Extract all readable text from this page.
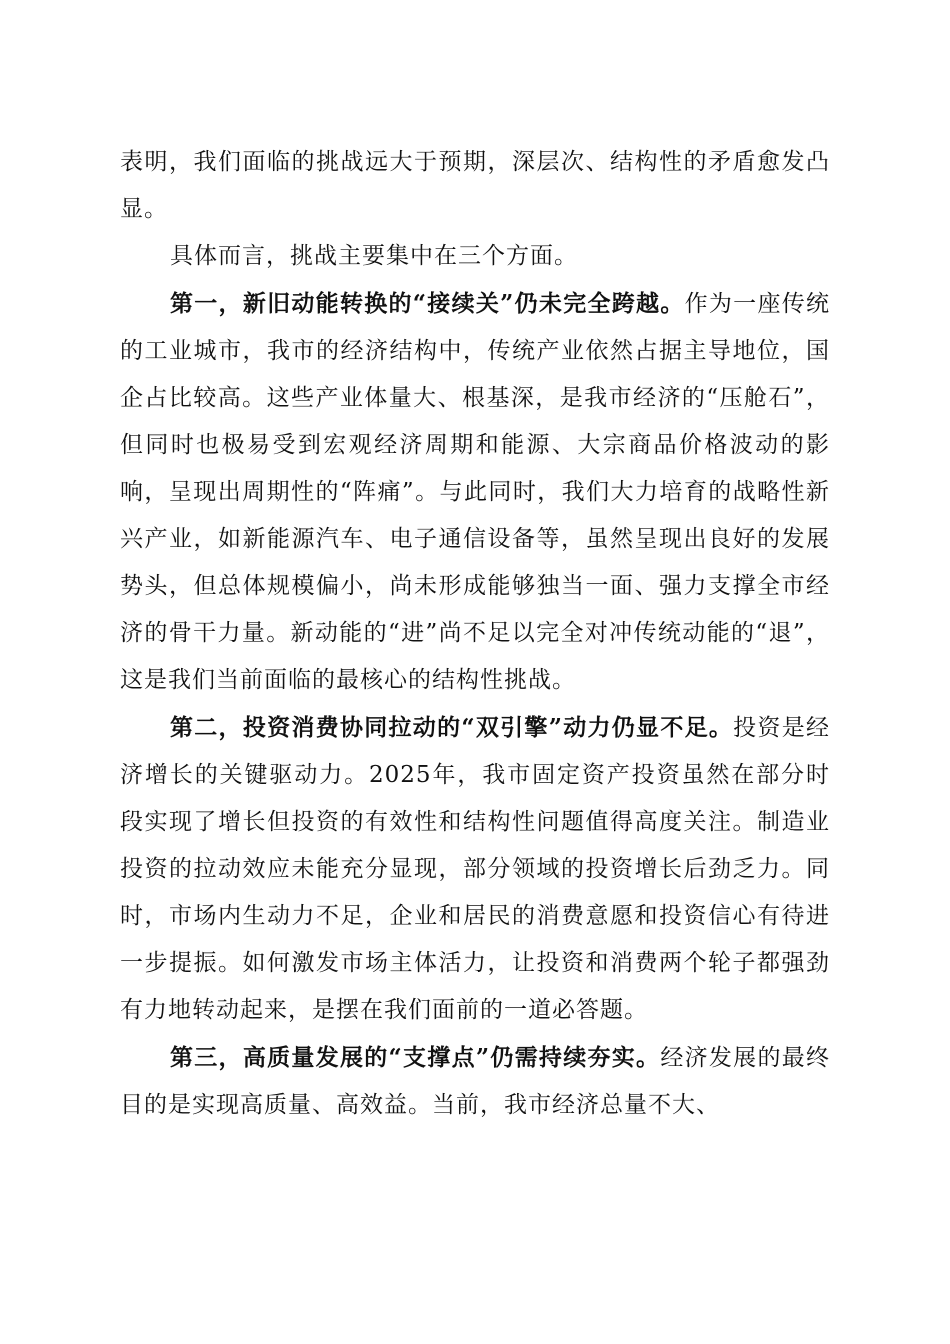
表明，我们面临的挑战远大于预期，深层次、结构性的矛盾愈发凸显。

具体而言，挑战主要集中在三个方面。

第一，新旧动能转换的“接续关”仍未完全跨越。作为一座传统的工业城市，我市的经济结构中，传统产业依然占据主导地位，国企占比较高。这些产业体量大、根基深，是我市经济的“压舱石”，但同时也极易受到宏观经济周期和能源、大宗商品价格波动的影响，呈现出周期性的“阵痛”。与此同时，我们大力培育的战略性新兴产业，如新能源汽车、电子通信设备等，虽然呈现出良好的发展势头，但总体规模偏小，尚未形成能够独当一面、强力支撑全市经济的骨干力量。新动能的“进”尚不足以完全对冲传统动能的“退”，这是我们当前面临的最核心的结构性挑战。

第二，投资消费协同拉动的“双引擎”动力仍显不足。投资是经济增长的关键驱动力。2025年，我市固定资产投资虽然在部分时段实现了增长但投资的有效性和结构性问题值得高度关注。制造业投资的拉动效应未能充分显现，部分领域的投资增长后劲乏力。同时，市场内生动力不足，企业和居民的消费意愿和投资信心有待进一步提振。如何激发市场主体活力，让投资和消费两个轮子都强劲有力地转动起来，是摆在我们面前的一道必答题。

第三，高质量发展的“支撑点”仍需持续夯实。经济发展的最终目的是实现高质量、高效益。当前，我市经济总量不大、
